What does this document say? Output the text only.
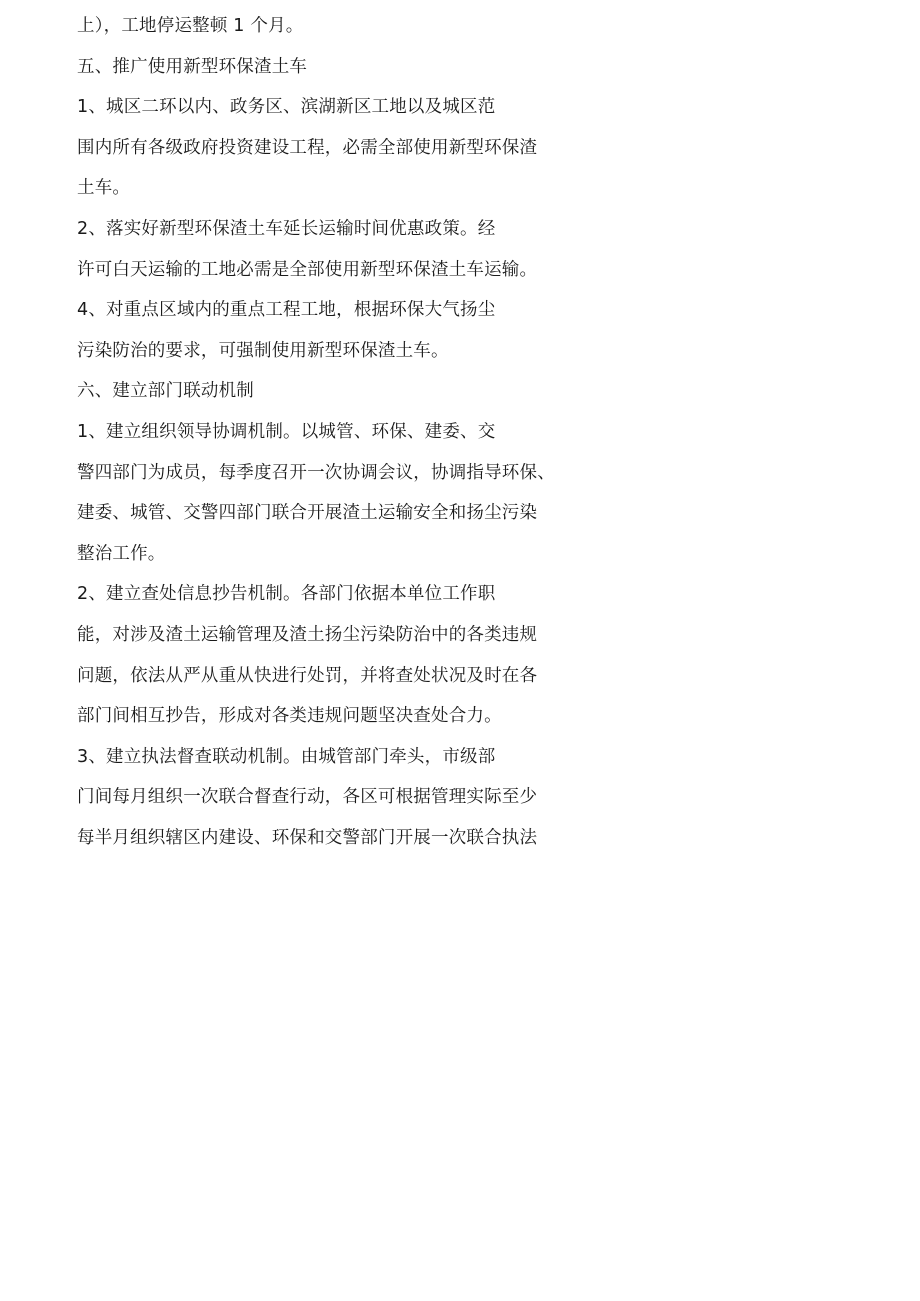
上），工地停运整顿 1 个月。
五、推广使用新型环保渣土车
1、城区二环以内、政务区、滨湖新区工地以及城区范
围内所有各级政府投资建设工程，必需全部使用新型环保渣
土车。
2、落实好新型环保渣土车延长运输时间优惠政策。经
许可白天运输的工地必需是全部使用新型环保渣土车运输。
4、对重点区域内的重点工程工地，根据环保大气扬尘
污染防治的要求，可强制使用新型环保渣土车。
六、建立部门联动机制
1、建立组织领导协调机制。以城管、环保、建委、交
警四部门为成员，每季度召开一次协调会议，协调指导环保、
建委、城管、交警四部门联合开展渣土运输安全和扬尘污染
整治工作。
2、建立查处信息抄告机制。各部门依据本单位工作职
能，对涉及渣土运输管理及渣土扬尘污染防治中的各类违规
问题，依法从严从重从快进行处罚，并将查处状况及时在各
部门间相互抄告，形成对各类违规问题坚决查处合力。
3、建立执法督查联动机制。由城管部门牵头，市级部
门间每月组织一次联合督查行动，各区可根据管理实际至少
每半月组织辖区内建设、环保和交警部门开展一次联合执法
